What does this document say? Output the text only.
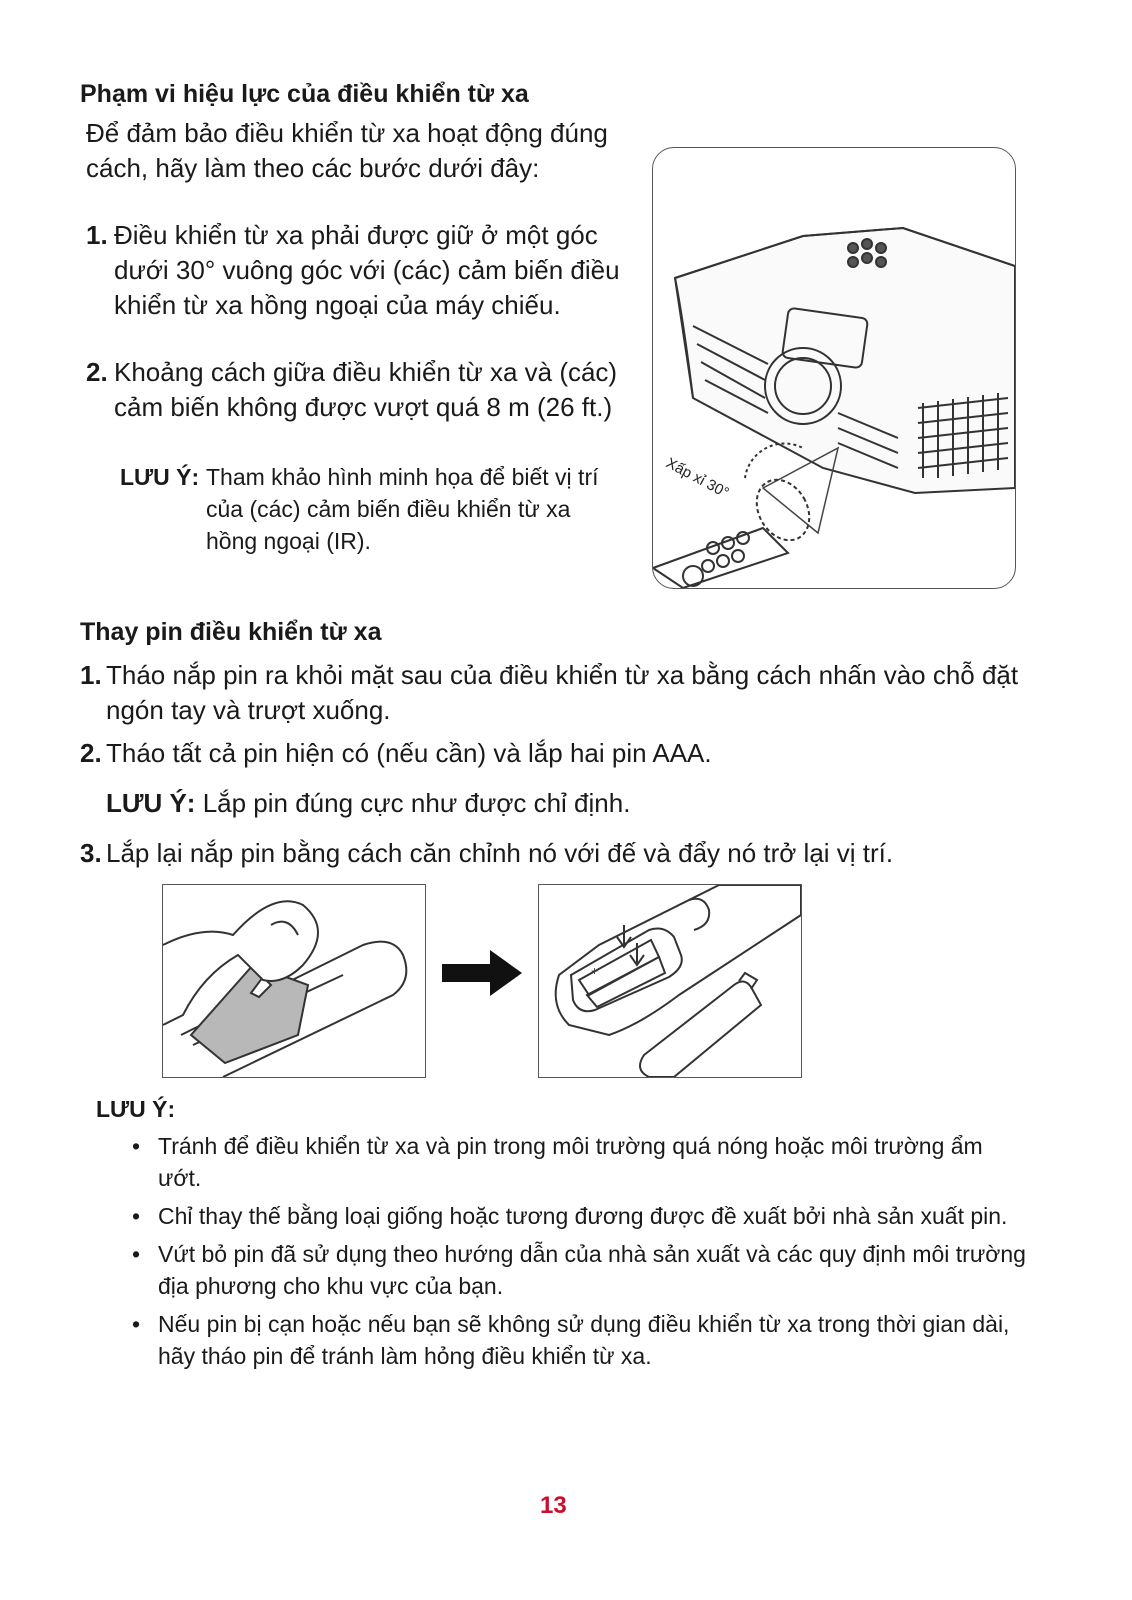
Phạm vi hiệu lực của điều khiển từ xa
Để đảm bảo điều khiển từ xa hoạt động đúng cách, hãy làm theo các bước dưới đây:
1. Điều khiển từ xa phải được giữ ở một góc dưới 30° vuông góc với (các) cảm biến điều khiển từ xa hồng ngoại của máy chiếu.
2. Khoảng cách giữa điều khiển từ xa và (các) cảm biến không được vượt quá 8 m (26 ft.)
LƯU Ý: Tham khảo hình minh họa để biết vị trí của (các) cảm biến điều khiển từ xa hồng ngoại (IR).
Xấp xỉ 30°
Thay pin điều khiển từ xa
1. Tháo nắp pin ra khỏi mặt sau của điều khiển từ xa bằng cách nhấn vào chỗ đặt ngón tay và trượt xuống.
2. Tháo tất cả pin hiện có (nếu cần) và lắp hai pin AAA.
LƯU Ý: Lắp pin đúng cực như được chỉ định.
3. Lắp lại nắp pin bằng cách căn chỉnh nó với đế và đẩy nó trở lại vị trí.
+
LƯU Ý:
• Tránh để điều khiển từ xa và pin trong môi trường quá nóng hoặc môi trường ẩm ướt.
• Chỉ thay thế bằng loại giống hoặc tương đương được đề xuất bởi nhà sản xuất pin.
• Vứt bỏ pin đã sử dụng theo hướng dẫn của nhà sản xuất và các quy định môi trường địa phương cho khu vực của bạn.
• Nếu pin bị cạn hoặc nếu bạn sẽ không sử dụng điều khiển từ xa trong thời gian dài, hãy tháo pin để tránh làm hỏng điều khiển từ xa.
13
